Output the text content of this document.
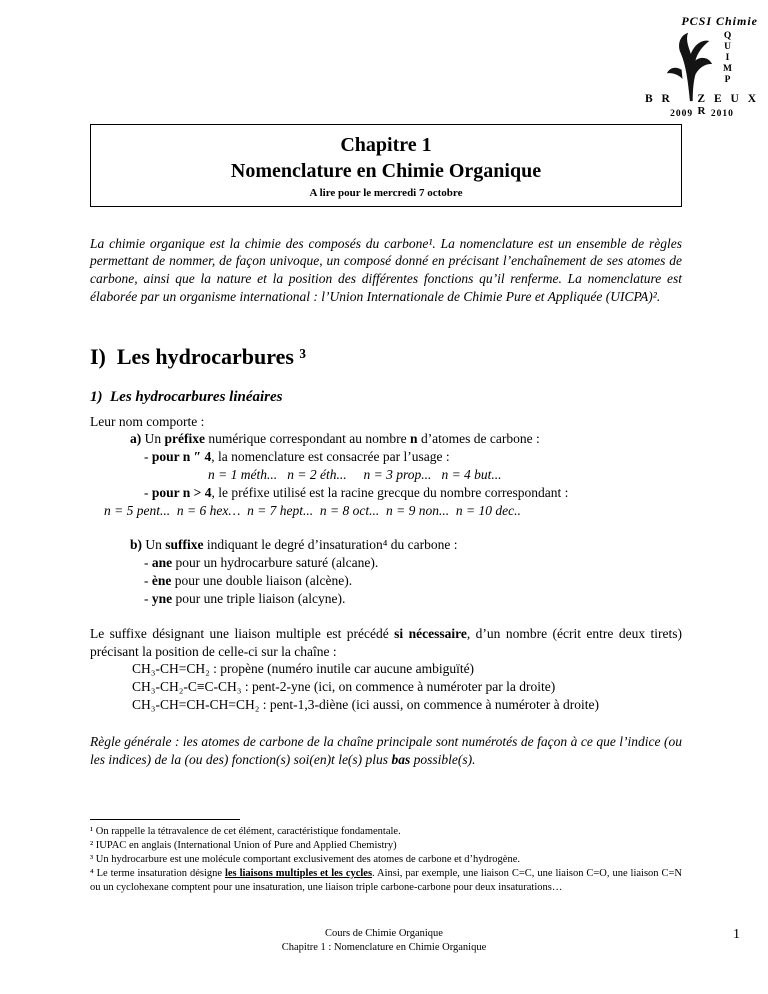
PCSI Chimie
Q
U
I
M
P
B R Z E U X
2009 R 2010
Chapitre 1
Nomenclature en Chimie Organique
A lire pour le mercredi 7 octobre

La chimie organique est la chimie des composés du carbone¹. La nomenclature est un ensemble de règles permettant de nommer, de façon univoque, un composé donné en précisant l’enchaînement de ses atomes de carbone, ainsi que la nature et la position des différentes fonctions qu’il renferme. La nomenclature est élaborée par un organisme international : l’Union Internationale de Chimie Pure et Appliquée (UICPA)².

I)  Les hydrocarbures ³
1)  Les hydrocarbures linéaires

Leur nom comporte :

a) Un préfixe numérique correspondant au nombre n d’atomes de carbone :

- pour n ″ 4, la nomenclature est consacrée par l’usage :

n = 1 méth...   n = 2 éth...     n = 3 prop...   n = 4 but...

- pour n > 4, le préfixe utilisé est la racine grecque du nombre correspondant :

n = 5 pent...  n = 6 hex…  n = 7 hept...  n = 8 oct...  n = 9 non...  n = 10 dec..

b) Un suffixe indiquant le degré d’insaturation⁴ du carbone :

- ane pour un hydrocarbure saturé (alcane).

- ène pour une double liaison (alcène).

- yne pour une triple liaison (alcyne).

Le suffixe désignant une liaison multiple est précédé si nécessaire, d’un nombre (écrit entre deux tirets) précisant la position de celle-ci sur la chaîne :

CH₃-CH=CH₂ : propène (numéro inutile car aucune ambiguïté)

CH₃-CH₂-C≡C-CH₃ : pent-2-yne (ici, on commence à numéroter par la droite)

CH₃-CH=CH-CH=CH₂ : pent-1,3-diène (ici aussi, on commence à numéroter à droite)

Règle générale : les atomes de carbone de la chaîne principale sont numérotés de façon à ce que l’indice (ou les indices) de la (ou des) fonction(s) soi(en)t le(s) plus bas possible(s).

¹ On rappelle la tétravalence de cet élément, caractéristique fondamentale.

² IUPAC en anglais (International Union of Pure and Applied Chemistry)

³ Un hydrocarbure est une molécule comportant exclusivement des atomes de carbone et d’hydrogène.

⁴ Le terme insaturation désigne les liaisons multiples et les cycles. Ainsi, par exemple, une liaison C=C, une liaison C=O, une liaison C=N ou un cyclohexane comptent pour une insaturation, une liaison triple carbone-carbone pour deux insaturations…

Cours de Chimie Organique
Chapitre 1 : Nomenclature en Chimie Organique
1
